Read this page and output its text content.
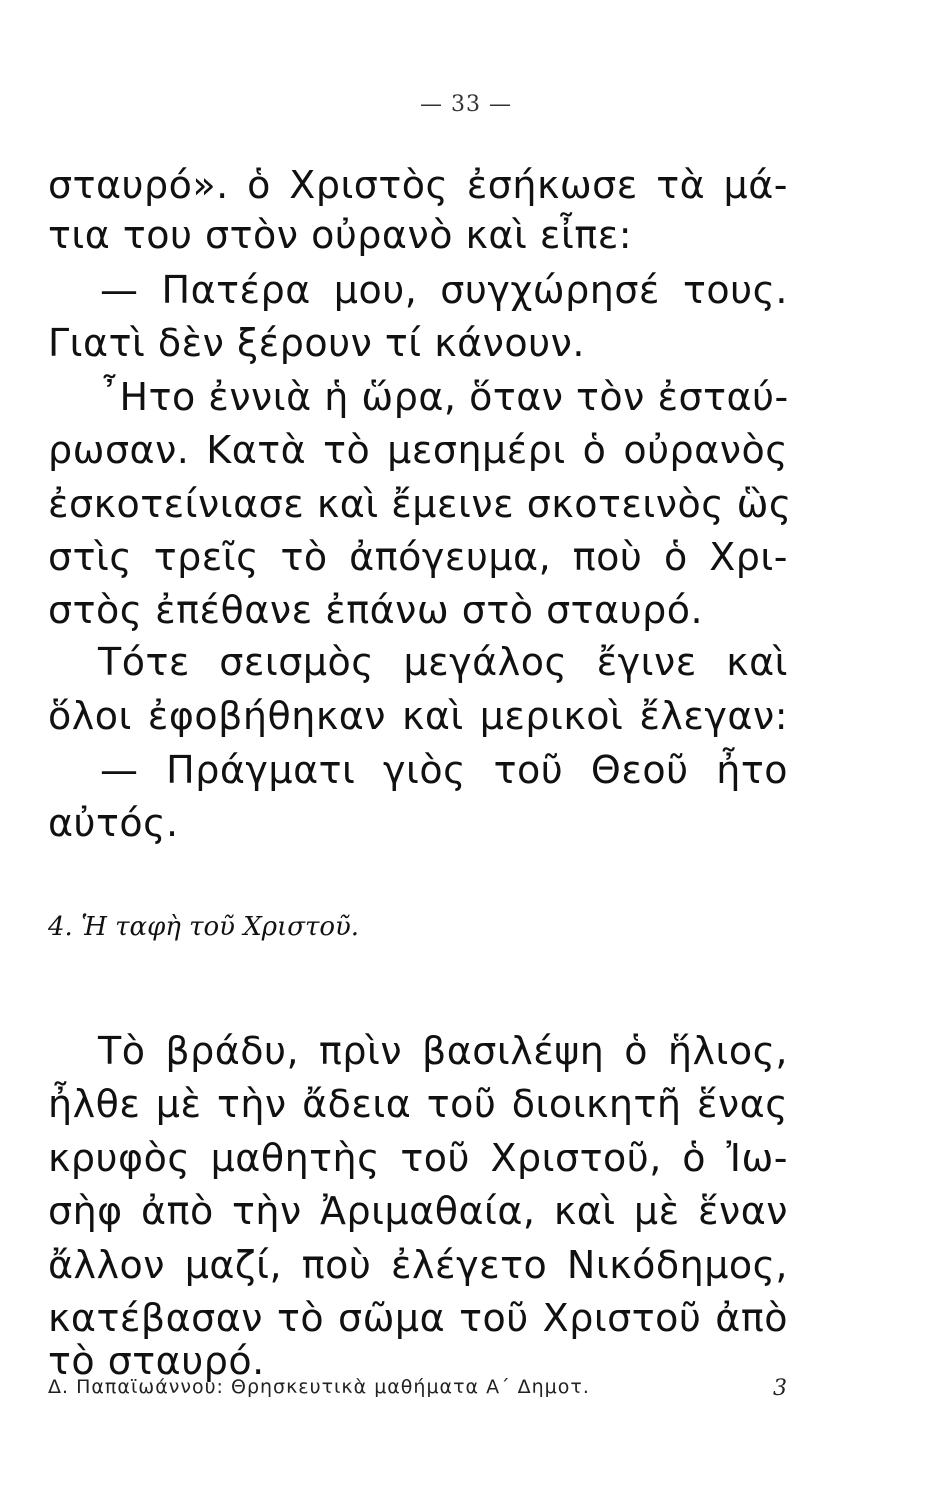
— 33 —
σταυρό». ὁ Χριστὸς ἐσήκωσε τὰ μά-
τια του στὸν οὐρανὸ καὶ εἶπε:
— Πατέρα μου, συγχώρησέ τους.
Γιατὶ δὲν ξέρουν τί κάνουν.
῏Ητο ἐννιὰ ἡ ὥρα, ὅταν τὸν ἐσταύ-
ρωσαν. Κατὰ τὸ μεσημέρι ὁ οὐρανὸς
ἐσκοτείνιασε καὶ ἔμεινε σκοτεινὸς ὣς
στὶς τρεῖς τὸ ἀπόγευμα, ποὺ ὁ Χρι-
στὸς ἐπέθανε ἐπάνω στὸ σταυρό.
Τότε σεισμὸς μεγάλος ἔγινε καὶ
ὅλοι ἐφοβήθηκαν καὶ μερικοὶ ἔλεγαν:
— Πράγματι γιὸς τοῦ Θεοῦ ἦτο
αὐτός.
4. Ἡ ταφὴ τοῦ Χριστοῦ.
Τὸ βράδυ, πρὶν βασιλέψη ὁ ἥλιος,
ἦλθε μὲ τὴν ἄδεια τοῦ διοικητῆ ἕνας
κρυφὸς μαθητὴς τοῦ Χριστοῦ, ὁ Ἰω-
σὴφ ἀπὸ τὴν Ἀριμαθαία, καὶ μὲ ἕναν
ἄλλον μαζί, ποὺ ἐλέγετο Νικόδημος,
κατέβασαν τὸ σῶμα τοῦ Χριστοῦ ἀπὸ
τὸ σταυρό.
Δ. Παπαϊωάννου: Θρησκευτικὰ μαθήματα Α΄ Δημοτ.	3
